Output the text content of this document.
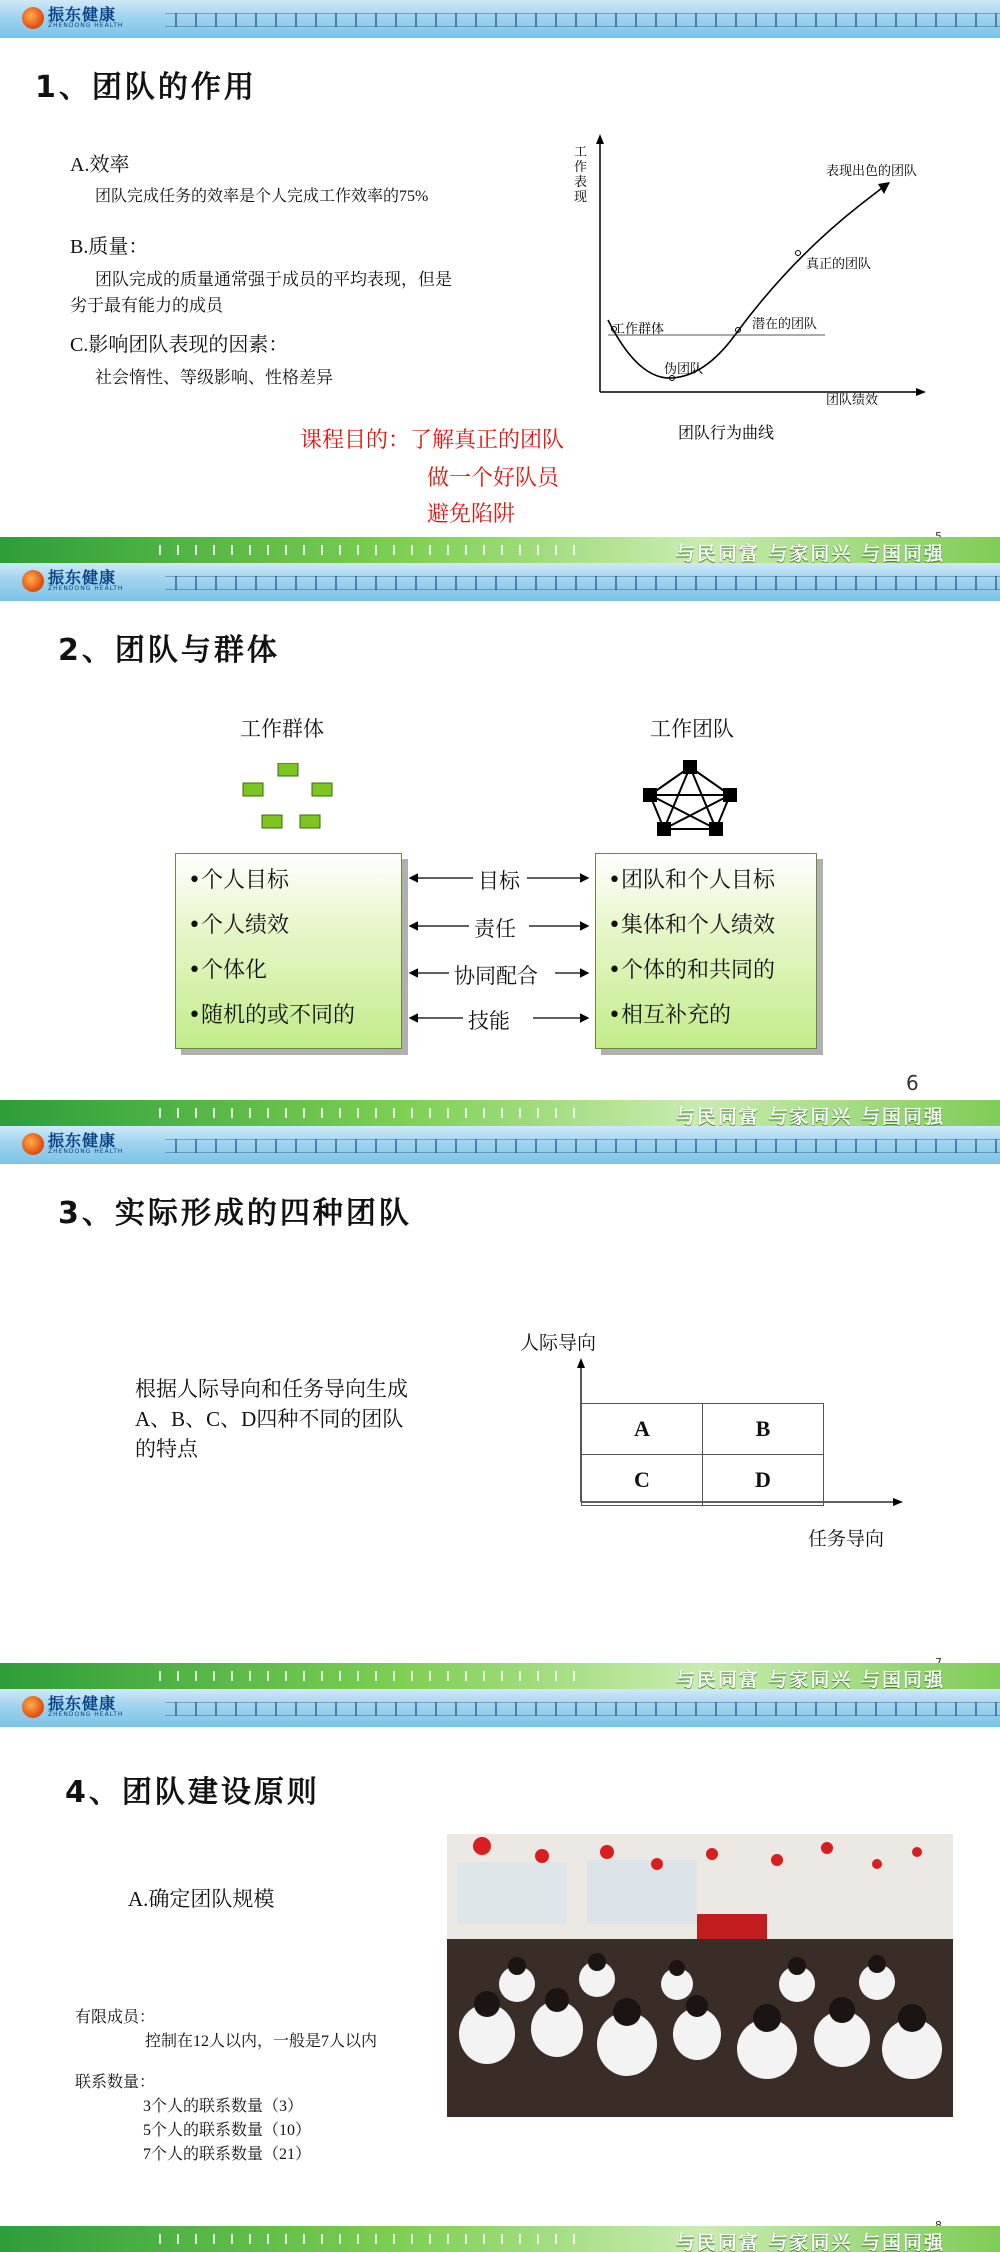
振东健康
ZHENDONG HEALTH
1、团队的作用
A.效率
团队完成任务的效率是个人完成工作效率的75%
B.质量：
团队完成的质量通常强于成员的平均表现，但是
劣于最有能力的成员
C.影响团队表现的因素：
社会惰性、等级影响、性格差异
工 作 表 现
工作群体
伪团队
潜在的团队
真正的团队
表现出色的团队
团队绩效
团队行为曲线
课程目的：了解真正的团队
做一个好队员
避免陷阱
与民同富 与家同兴 与国同强
振东健康
ZHENDONG HEALTH
2、团队与群体
工作群体	工作团队
•个人目标
•个人绩效
•个体化
•随机的或不同的
•团队和个人目标
•集体和个人绩效
•个体的和共同的
•相互补充的
目标
责任
协同配合
技能
6
与民同富 与家同兴 与国同强
振东健康
ZHENDONG HEALTH
3、实际形成的四种团队
根据人际导向和任务导向生成
A、B、C、D四种不同的团队
的特点
人际导向
任务导向
A	B
C	D
与民同富 与家同兴 与国同强
振东健康
ZHENDONG HEALTH
4、团队建设原则
A.确定团队规模
有限成员：
控制在12人以内，一般是7人以内
联系数量：
3个人的联系数量（3）
5个人的联系数量（10）
7个人的联系数量（21）
与民同富 与家同兴 与国同强
